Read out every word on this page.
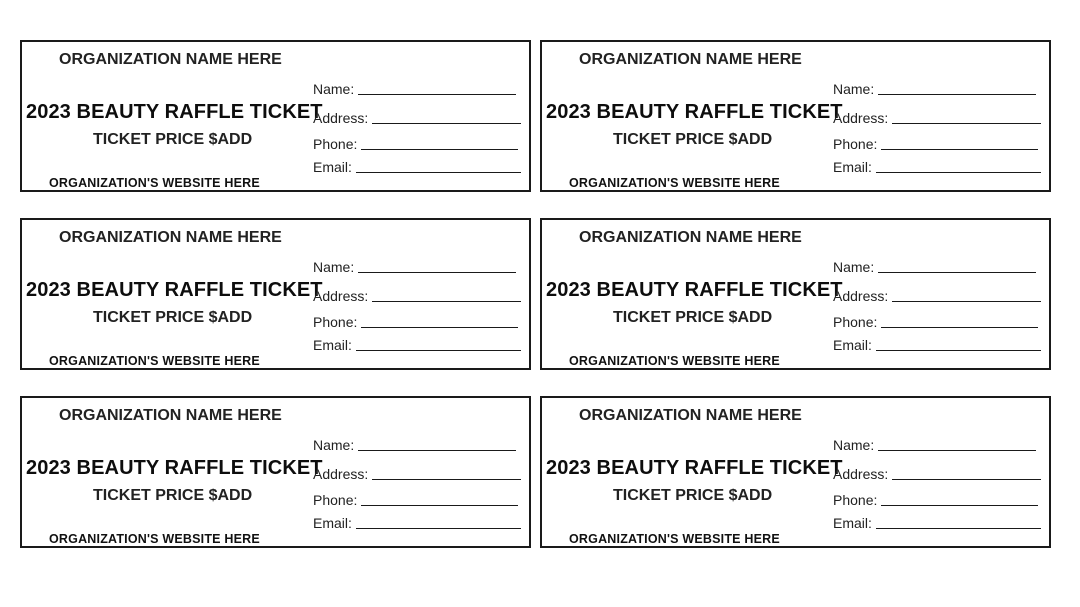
ORGANIZATION NAME HERE
2023 BEAUTY RAFFLE TICKET
TICKET PRICE $ADD
ORGANIZATION'S WEBSITE HERE
Name:
Address:
Phone:
Email:
ORGANIZATION NAME HERE
2023 BEAUTY RAFFLE TICKET
TICKET PRICE $ADD
ORGANIZATION'S WEBSITE HERE
Name:
Address:
Phone:
Email:
ORGANIZATION NAME HERE
2023 BEAUTY RAFFLE TICKET
TICKET PRICE $ADD
ORGANIZATION'S WEBSITE HERE
Name:
Address:
Phone:
Email:
ORGANIZATION NAME HERE
2023 BEAUTY RAFFLE TICKET
TICKET PRICE $ADD
ORGANIZATION'S WEBSITE HERE
Name:
Address:
Phone:
Email:
ORGANIZATION NAME HERE
2023 BEAUTY RAFFLE TICKET
TICKET PRICE $ADD
ORGANIZATION'S WEBSITE HERE
Name:
Address:
Phone:
Email:
ORGANIZATION NAME HERE
2023 BEAUTY RAFFLE TICKET
TICKET PRICE $ADD
ORGANIZATION'S WEBSITE HERE
Name:
Address:
Phone:
Email:
